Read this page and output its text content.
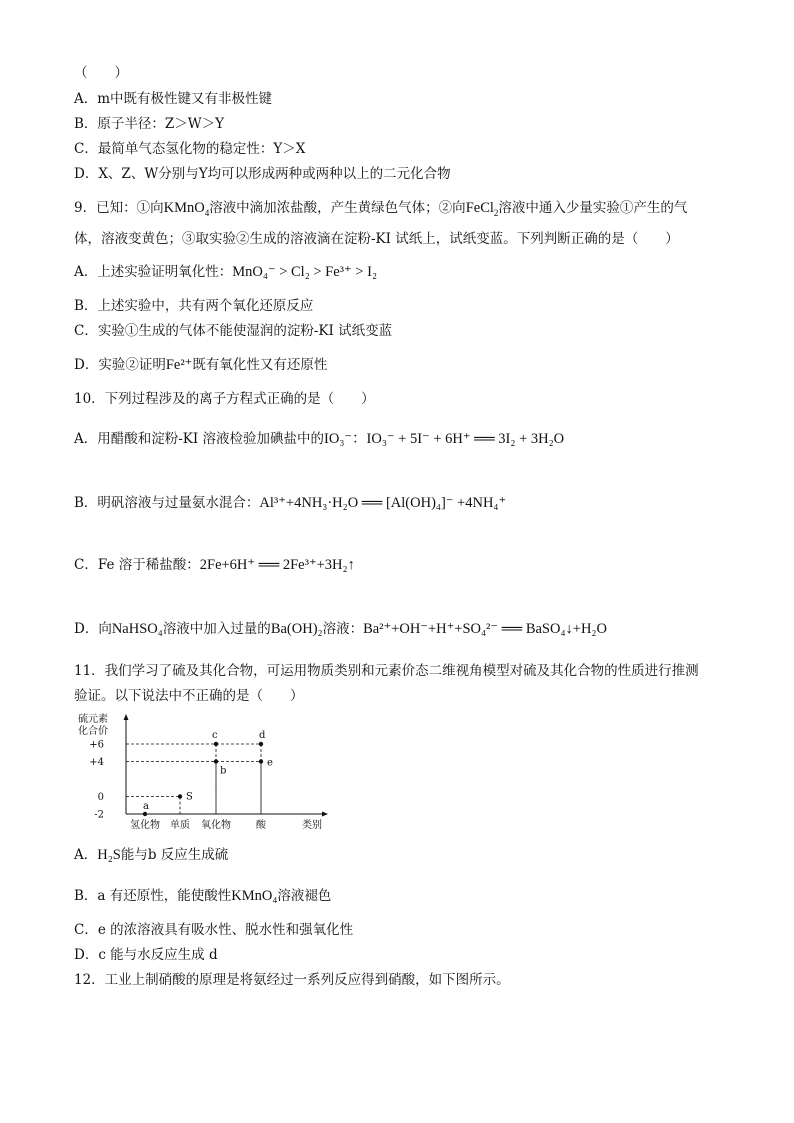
（　　）
A．m中既有极性键又有非极性键
B．原子半径：Z＞W＞Y
C．最简单气态氢化物的稳定性：Y＞X
D．X、Z、W分别与Y均可以形成两种或两种以上的二元化合物
9．已知：①向KMnO$_4$溶液中滴加浓盐酸，产生黄绿色气体；②向FeCl$_2$溶液中通入少量实验①产生的气
体，溶液变黄色；③取实验②生成的溶液滴在淀粉-KI 试纸上，试纸变蓝。下列判断正确的是（　　）
A．上述实验证明氧化性：MnO₄⁻ > Cl₂ > Fe³⁺ > I₂
B．上述实验中，共有两个氧化还原反应
C．实验①生成的气体不能使湿润的淀粉-KI 试纸变蓝
D．实验②证明Fe²⁺既有氧化性又有还原性
10．下列过程涉及的离子方程式正确的是（　　）
A．用醋酸和淀粉-KI 溶液检验加碘盐中的IO₃⁻：IO₃⁻ + 5I⁻ + 6H⁺ ══ 3I₂ + 3H₂O
B．明矾溶液与过量氨水混合：Al³⁺+4NH₃·H₂O ══ [Al(OH)₄]⁻ +4NH₄⁺
C．Fe 溶于稀盐酸：2Fe+6H⁺ ══ 2Fe³⁺+3H₂↑
D．向NaHSO₄溶液中加入过量的Ba(OH)₂溶液：Ba²⁺+OH⁻+H⁺+SO₄²⁻ ══ BaSO₄↓+H₂O
11．我们学习了硫及其化合物，可运用物质类别和元素价态二维视角模型对硫及其化合物的性质进行推测
验证。以下说法中不正确的是（　　）
硫元素
化合价
+6
+4
0
-2
氢化物 单质 氧化物	酸	类别
a
S
b
c	d
e
A．H₂S能与b 反应生成硫
B．a 有还原性，能使酸性KMnO₄溶液褪色
C．e 的浓溶液具有吸水性、脱水性和强氧化性
D．c 能与水反应生成 d
12．工业上制硝酸的原理是将氨经过一系列反应得到硝酸，如下图所示。
